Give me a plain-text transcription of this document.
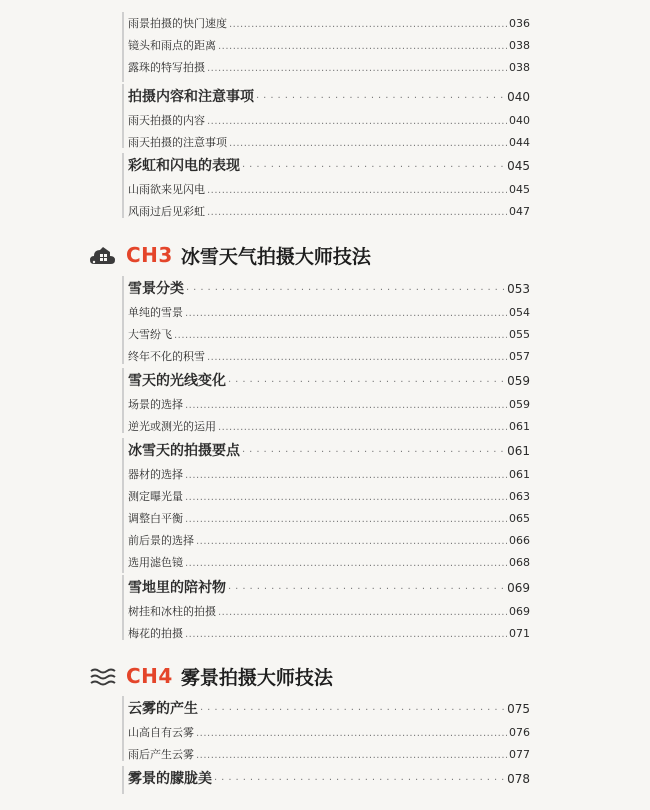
CH3 冰雪天气拍摄大师技法
CH4 雾景拍摄大师技法
雨景拍摄的快门速度 .....	036
镜头和雨点的距离 .....	038
露珠的特写拍摄 .....	038
拍摄内容和注意事项 ·····	040
雨天拍摄的内容 .....	040
雨天拍摄的注意事项 .....	044
彩虹和闪电的表现 ·····	045
山雨欲来见闪电 .....	045
风雨过后见彩虹 .....	047
雪景分类 ·····	053
单纯的雪景 .....	054
大雪纷飞 .....	055
终年不化的积雪 .....	057
雪天的光线变化 ·····	059
场景的选择 .....	059
逆光或测光的运用 .....	061
冰雪天的拍摄要点 ·····	061
器材的选择 .....	061
测定曝光量 .....	063
调整白平衡 .....	065
前后景的选择 .....	066
选用滤色镜 .....	068
雪地里的陪衬物 ·····	069
树挂和冰柱的拍摄 .....	069
梅花的拍摄 .....	071
云雾的产生 ·····	075
山高自有云雾 .....	076
雨后产生云雾 .....	077
雾景的朦胧美 ·····	078
